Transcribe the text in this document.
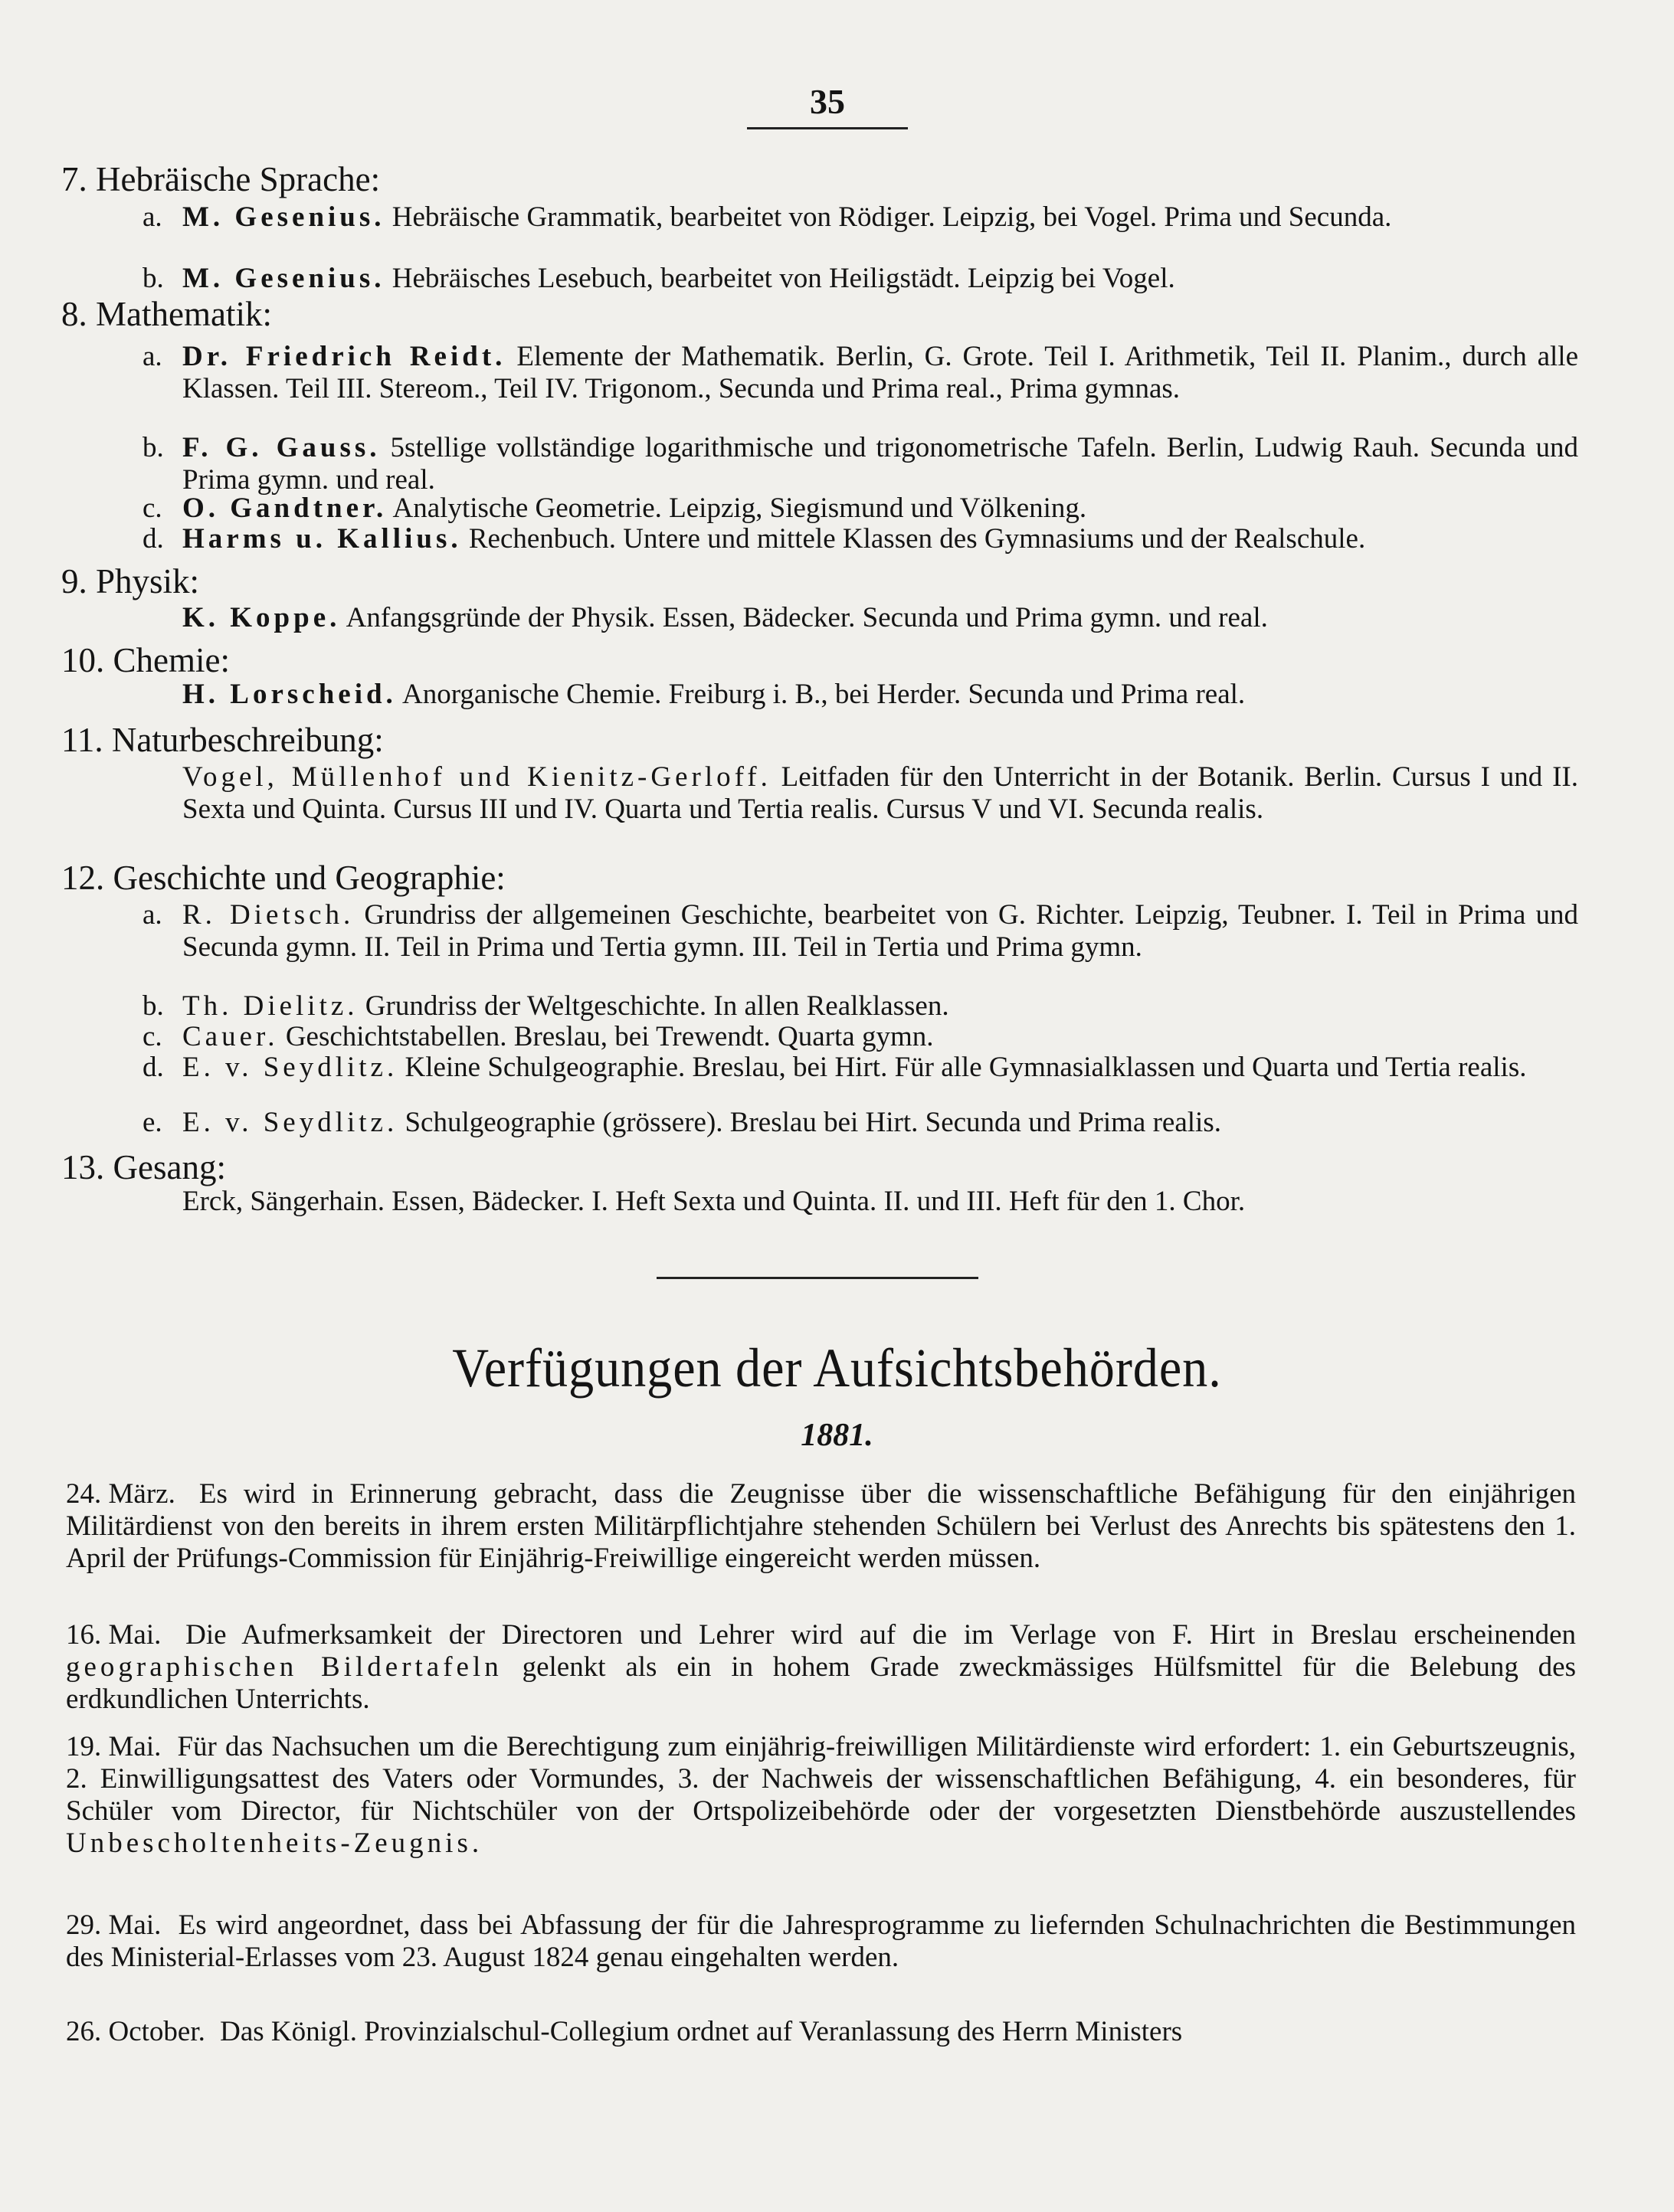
35
7. Hebräische Sprache:
a. M. Gesenius. Hebräische Grammatik, bearbeitet von Rödiger. Leipzig, bei Vogel. Prima und Secunda.
b. M. Gesenius. Hebräisches Lesebuch, bearbeitet von Heiligstädt. Leipzig bei Vogel.
8. Mathematik:
a. Dr. Friedrich Reidt. Elemente der Mathematik. Berlin, G. Grote. Teil I. Arithmetik, Teil II. Planim., durch alle Klassen. Teil III. Stereom., Teil IV. Trigonom., Secunda und Prima real., Prima gymnas.
b. F. G. Gauss. 5stellige vollständige logarithmische und trigonometrische Tafeln. Berlin, Ludwig Rauh. Secunda und Prima gymn. und real.
c. O. Gandtner. Analytische Geometrie. Leipzig, Siegismund und Völkening.
d. Harms u. Kallius. Rechenbuch. Untere und mittele Klassen des Gymnasiums und der Realschule.
9. Physik:
K. Koppe. Anfangsgründe der Physik. Essen, Bädecker. Secunda und Prima gymn. und real.
10. Chemie:
H. Lorscheid. Anorganische Chemie. Freiburg i. B., bei Herder. Secunda und Prima real.
11. Naturbeschreibung:
Vogel, Müllenhof und Kienitz-Gerloff. Leitfaden für den Unterricht in der Botanik. Berlin. Cursus I und II. Sexta und Quinta. Cursus III und IV. Quarta und Tertia realis. Cursus V und VI. Secunda realis.
12. Geschichte und Geographie:
a. R. Dietsch. Grundriss der allgemeinen Geschichte, bearbeitet von G. Richter. Leipzig, Teubner. I. Teil in Prima und Secunda gymn. II. Teil in Prima und Tertia gymn. III. Teil in Tertia und Prima gymn.
b. Th. Dielitz. Grundriss der Weltgeschichte. In allen Realklassen.
c. Cauer. Geschichtstabellen. Breslau, bei Trewendt. Quarta gymn.
d. E. v. Seydlitz. Kleine Schulgeographie. Breslau, bei Hirt. Für alle Gymnasialklassen und Quarta und Tertia realis.
e. E. v. Seydlitz. Schulgeographie (grössere). Breslau bei Hirt. Secunda und Prima realis.
13. Gesang:
Erck, Sängerhain. Essen, Bädecker. I. Heft Sexta und Quinta. II. und III. Heft für den 1. Chor.
Verfügungen der Aufsichtsbehörden.
1881.
24. März. Es wird in Erinnerung gebracht, dass die Zeugnisse über die wissenschaftliche Befähigung für den einjährigen Militärdienst von den bereits in ihrem ersten Militärpflichtjahre stehenden Schülern bei Verlust des Anrechts bis spätestens den 1. April der Prüfungs-Commission für Einjährig-Freiwillige eingereicht werden müssen.
16. Mai. Die Aufmerksamkeit der Directoren und Lehrer wird auf die im Verlage von F. Hirt in Breslau erscheinenden geographischen Bildertafeln gelenkt als ein in hohem Grade zweckmässiges Hülfsmittel für die Belebung des erdkundlichen Unterrichts.
19. Mai. Für das Nachsuchen um die Berechtigung zum einjährig-freiwilligen Militärdienste wird erfordert: 1. ein Geburtszeugnis, 2. Einwilligungsattest des Vaters oder Vormundes, 3. der Nachweis der wissenschaftlichen Befähigung, 4. ein besonderes, für Schüler vom Director, für Nichtschüler von der Ortspolizeibehörde oder der vorgesetzten Dienstbehörde auszustellendes Unbescholtenheits-Zeugnis.
29. Mai. Es wird angeordnet, dass bei Abfassung der für die Jahresprogramme zu liefernden Schulnachrichten die Bestimmungen des Ministerial-Erlasses vom 23. August 1824 genau eingehalten werden.
26. October. Das Königl. Provinzialschul-Collegium ordnet auf Veranlassung des Herrn Ministers
